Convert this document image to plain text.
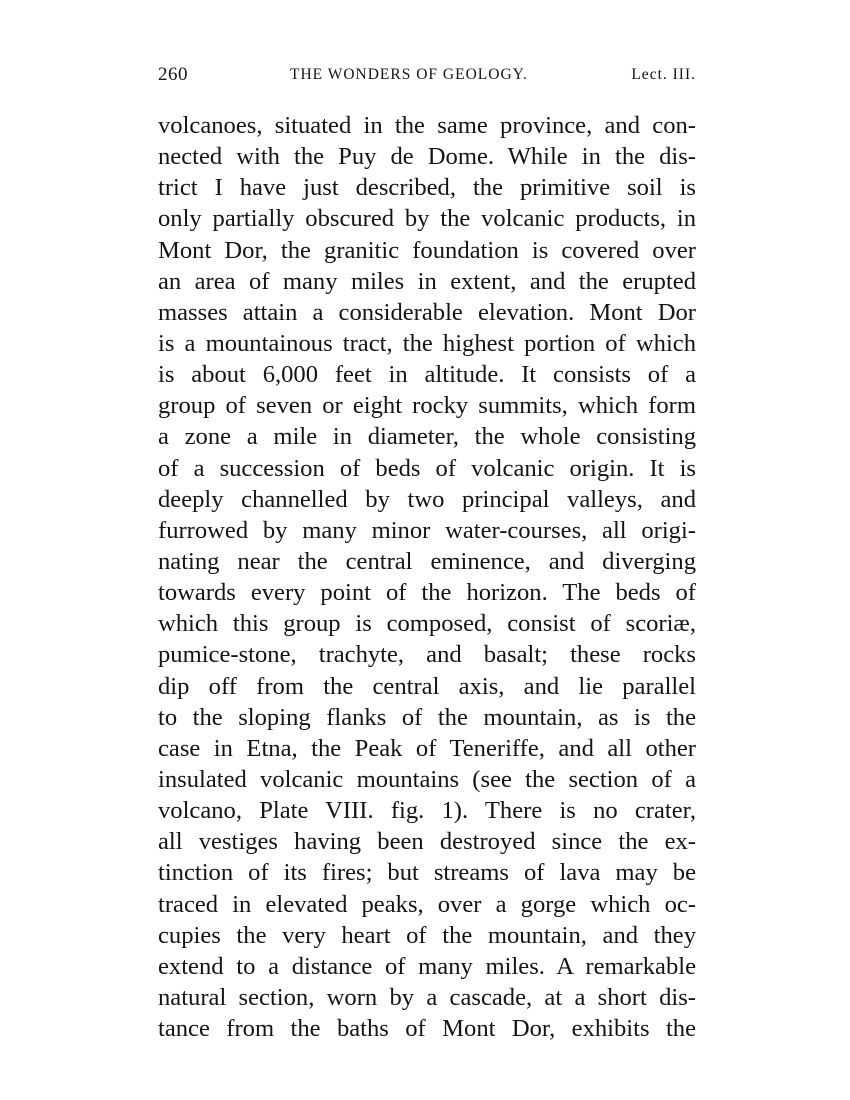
260	THE WONDERS OF GEOLOGY.	Lect. III.
volcanoes, situated in the same province, and con-
nected with the Puy de Dome. While in the dis-
trict I have just described, the primitive soil is
only partially obscured by the volcanic products, in
Mont Dor, the granitic foundation is covered over
an area of many miles in extent, and the erupted
masses attain a considerable elevation. Mont Dor
is a mountainous tract, the highest portion of which
is about 6,000 feet in altitude. It consists of a
group of seven or eight rocky summits, which form
a zone a mile in diameter, the whole consisting
of a succession of beds of volcanic origin. It is
deeply channelled by two principal valleys, and
furrowed by many minor water-courses, all origi-
nating near the central eminence, and diverging
towards every point of the horizon. The beds of
which this group is composed, consist of scoriæ,
pumice-stone, trachyte, and basalt; these rocks
dip off from the central axis, and lie parallel
to the sloping flanks of the mountain, as is the
case in Etna, the Peak of Teneriffe, and all other
insulated volcanic mountains (see the section of a
volcano, Plate VIII. fig. 1). There is no crater,
all vestiges having been destroyed since the ex-
tinction of its fires; but streams of lava may be
traced in elevated peaks, over a gorge which oc-
cupies the very heart of the mountain, and they
extend to a distance of many miles. A remarkable
natural section, worn by a cascade, at a short dis-
tance from the baths of Mont Dor, exhibits the
